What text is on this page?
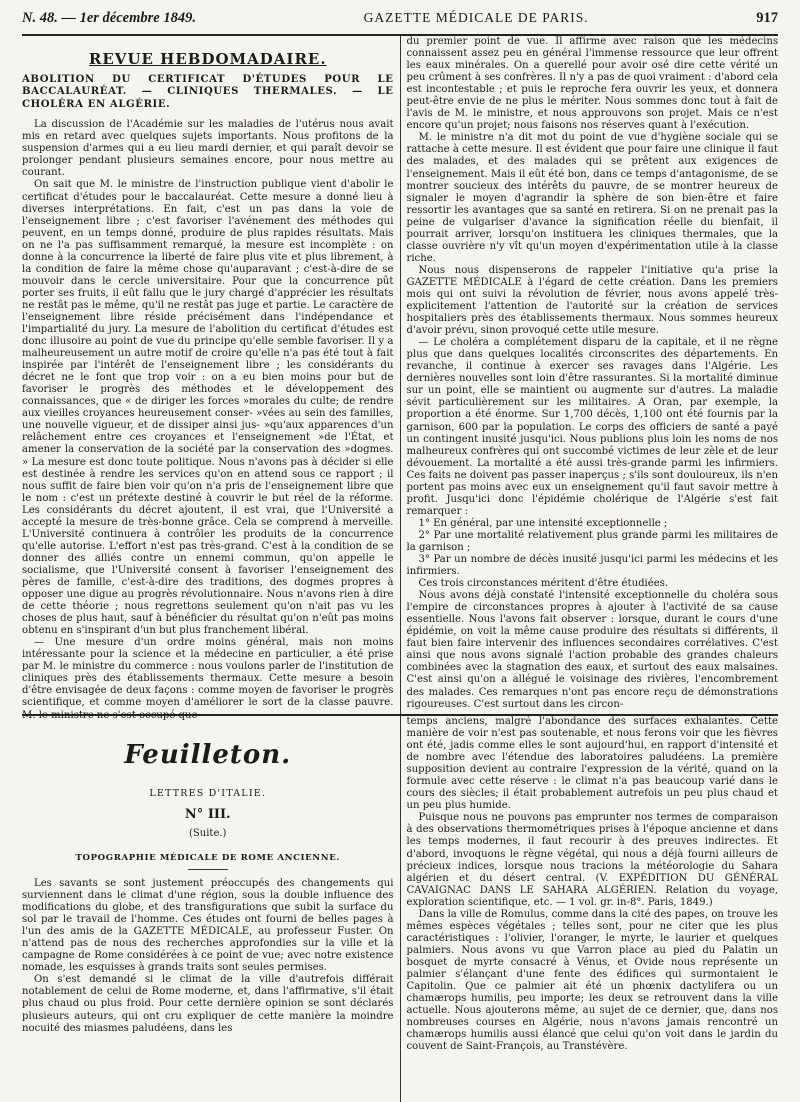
N. 48. — 1er décembre 1849.	GAZETTE MÉDICALE DE PARIS.	917
REVUE HEBDOMADAIRE.
ABOLITION DU CERTIFICAT D'ÉTUDES POUR LE BACCALAURÉAT. — CLINIQUES THERMALES. — LE CHOLÉRA EN ALGÉRIE.

La discussion de l'Académie sur les maladies de l'utérus nous avait mis en retard avec quelques sujets importants. Nous profitons de la suspension d'armes qui a eu lieu mardi dernier, et qui paraît devoir se prolonger pendant plusieurs semaines encore, pour nous mettre au courant.

On sait que M. le ministre de l'instruction publique vient d'abolir le certificat d'études pour le baccalauréat. Cette mesure a donné lieu à diverses interprétations. En fait, c'est un pas dans la voie de l'enseignement libre ; c'est favoriser l'avénement des méthodes qui peuvent, en un temps donné, produire de plus rapides résultats. Mais on ne l'a pas suffisamment remarqué, la mesure est incomplète : on donne à la concurrence la liberté de faire plus vite et plus librement, à la condition de faire la même chose qu'auparavant ; c'est-à-dire de se mouvoir dans le cercle universitaire. Pour que la concurrence pût porter ses fruits, il eût fallu que le jury chargé d'apprécier les résultats ne restât pas le même, qu'il ne restât pas juge et partie. Le caractère de l'enseignement libre réside précisément dans l'indépendance et l'impartialité du jury. La mesure de l'abolition du certificat d'études est donc illusoire au point de vue du principe qu'elle semble favoriser. Il y a malheureusement un autre motif de croire qu'elle n'a pas été tout à fait inspirée par l'intérêt de l'enseignement libre ; les considérants du décret ne le font que trop voir : on a eu bien moins pour but de favoriser le progrès des méthodes et le développement des connaissances, que « de diriger les forces »morales du culte; de rendre aux vieilles croyances heureusement conser- »vées au sein des familles, une nouvelle vigueur, et de dissiper ainsi jus- »qu'aux apparences d'un relâchement entre ces croyances et l'enseignement »de l'État, et amener la conservation de la société par la conservation des »dogmes. » La mesure est donc toute politique. Nous n'avons pas à décider si elle est destinée à rendre les services qu'on en attend sous ce rapport ; il nous suffit de faire bien voir qu'on n'a pris de l'enseignement libre que le nom : c'est un prétexte destiné à couvrir le but réel de la réforme. Les considérants du décret ajoutent, il est vrai, que l'Université a accepté la mesure de très-bonne grâce. Cela se comprend à merveille. L'Université continuera à contrôler les produits de la concurrence qu'elle autorise. L'effort n'est pas très-grand. C'est à la condition de se donner des alliés contre un ennemi commun, qu'on appelle le socialisme, que l'Université consent à favoriser l'enseignement des pères de famille, c'est-à-dire des traditions, des dogmes propres à opposer une digue au progrès révolutionnaire. Nous n'avons rien à dire de cette théorie ; nous regrettons seulement qu'on n'ait pas vu les choses de plus haut, sauf à bénéficier du résultat qu'on n'eût pas moins obtenu en s'inspirant d'un but plus franchement libéral.

— Une mesure d'un ordre moins général, mais non moins intéressante pour la science et la médecine en particulier, a été prise par M. le ministre du commerce : nous voulons parler de l'institution de cliniques près des établissements thermaux. Cette mesure a besoin d'être envisagée de deux façons : comme moyen de favoriser le progrès scientifique, et comme moyen d'améliorer le sort de la classe pauvre. M. le ministre ne s'est occupé que

du premier point de vue. Il affirme avec raison que les médecins connaissent assez peu en général l'immense ressource que leur offrent les eaux minérales. On a querellé pour avoir osé dire cette vérité un peu crûment à ses confrères. Il n'y a pas de quoi vraiment : d'abord cela est incontestable ; et puis le reproche fera ouvrir les yeux, et donnera peut-être envie de ne plus le mériter. Nous sommes donc tout à fait de l'avis de M. le ministre, et nous approuvons son projet. Mais ce n'est encore qu'un projet; nous faisons nos réserves quant à l'exécution.

M. le ministre n'a dit mot du point de vue d'hygiène sociale qui se rattache à cette mesure. Il est évident que pour faire une clinique il faut des malades, et des malades qui se prêtent aux exigences de l'enseignement. Mais il eût été bon, dans ce temps d'antagonisme, de se montrer soucieux des intérêts du pauvre, de se montrer heureux de signaler le moyen d'agrandir la sphère de son bien-être et faire ressortir les avantages que sa santé en retirera. Si on ne prenait pas la peine de vulgariser d'avance la signification réelle du bienfait, il pourrait arriver, lorsqu'on instituera les cliniques thermales, que la classe ouvrière n'y vît qu'un moyen d'expérimentation utile à la classe riche.

Nous nous dispenserons de rappeler l'initiative qu'a prise la GAZETTE MÉDICALE à l'égard de cette création. Dans les premiers mois qui ont suivi la révolution de février, nous avons appelé très-explicitement l'attention de l'autorité sur la création de services hospitaliers près des établissements thermaux. Nous sommes heureux d'avoir prévu, sinon provoqué cette utile mesure.

— Le choléra a complétement disparu de la capitale, et il ne règne plus que dans quelques localités circonscrites des départements. En revanche, il continue à exercer ses ravages dans l'Algérie. Les dernières nouvelles sont loin d'être rassurantes. Si la mortalité diminue sur un point, elle se maintient ou augmente sur d'autres. La maladie sévit particulièrement sur les militaires. A Oran, par exemple, la proportion a été énorme. Sur 1,700 décès, 1,100 ont été fournis par la garnison, 600 par la population. Le corps des officiers de santé a payé un contingent inusité jusqu'ici. Nous publions plus loin les noms de nos malheureux confrères qui ont succombé victimes de leur zèle et de leur dévouement. La mortalité a été aussi très-grande parmi les infirmiers. Ces faits ne doivent pas passer inaperçus ; s'ils sont douloureux, ils n'en portent pas moins avec eux un enseignement qu'il faut savoir mettre à profit. Jusqu'ici donc l'épidémie cholérique de l'Algérie s'est fait remarquer :

1° En général, par une intensité exceptionnelle ;

2° Par une mortalité relativement plus grande parmi les militaires de la garnison ;

3° Par un nombre de décès inusité jusqu'ici parmi les médecins et les infirmiers.

Ces trois circonstances méritent d'être étudiées.

Nous avons déjà constaté l'intensité exceptionnelle du choléra sous l'empire de circonstances propres à ajouter à l'activité de sa cause essentielle. Nous l'avons fait observer : lorsque, durant le cours d'une épidémie, on voit la même cause produire des résultats si différents, il faut bien faire intervenir des influences secondaires corrélatives. C'est ainsi que nous avons signalé l'action probable des grandes chaleurs combinées avec la stagnation des eaux, et surtout des eaux malsaines. C'est ainsi qu'on a allégué le voisinage des rivières, l'encombrement des malades. Ces remarques n'ont pas encore reçu de démonstrations rigoureuses. C'est surtout dans les circon-

Feuilleton.
LETTRES D'ITALIE.
N° III.
(Suite.)
TOPOGRAPHIE MÉDICALE DE ROME ANCIENNE.

Les savants se sont justement préoccupés des changements qui surviennent dans le climat d'une région, sous la double influence des modifications du globe, et des transfigurations que subit la surface du sol par le travail de l'homme. Ces études ont fourni de belles pages à l'un des amis de la GAZETTE MÉDICALE, au professeur Fuster. On n'attend pas de nous des recherches approfondies sur la ville et la campagne de Rome considérées à ce point de vue; avec notre existence nomade, les esquisses à grands traits sont seules permises.

On s'est demandé si le climat de la ville d'autrefois différait notablement de celui de Rome moderne, et, dans l'affirmative, s'il était plus chaud ou plus froid. Pour cette dernière opinion se sont déclarés plusieurs auteurs, qui ont cru expliquer de cette manière la moindre nocuité des miasmes paludéens, dans les

temps anciens, malgré l'abondance des surfaces exhalantes. Cette manière de voir n'est pas soutenable, et nous ferons voir que les fièvres ont été, jadis comme elles le sont aujourd'hui, en rapport d'intensité et de nombre avec l'étendue des laboratoires paludéens. La première supposition devient au contraire l'expression de la vérité, quand on la formule avec cette réserve : le climat n'a pas beaucoup varié dans le cours des siècles; il était probablement autrefois un peu plus chaud et un peu plus humide.

Puisque nous ne pouvons pas emprunter nos termes de comparaison à des observations thermométriques prises à l'époque ancienne et dans les temps modernes, il faut recourir à des preuves indirectes. Et d'abord, invoquons le règne végétal, qui nous a déjà fourni ailleurs de précieux indices, lorsque nous tracions la météorologie du Sahara algérien et du désert central. (V. EXPÉDITION DU GÉNÉRAL CAVAIGNAC DANS LE SAHARA ALGÉRIEN. Relation du voyage, exploration scientifique, etc. — 1 vol. gr. in-8°. Paris, 1849.)

Dans la ville de Romulus, comme dans la cité des papes, on trouve les mêmes espèces végétales ; telles sont, pour ne citer que les plus caractéristiques : l'olivier, l'oranger, le myrte, le laurier et quelques palmiers. Nous avons vu que Varron place au pied du Palatin un bosquet de myrte consacré à Vénus, et Ovide nous représente un palmier s'élançant d'une fente des édifices qui surmontaient le Capitolin. Que ce palmier ait été un phœnix dactylifera ou un chamærops humilis, peu importe; les deux se retrouvent dans la ville actuelle. Nous ajouterons même, au sujet de ce dernier, que, dans nos nombreuses courses en Algérie, nous n'avons jamais rencontré un chamærops humilis aussi élancé que celui qu'on voit dans le jardin du couvent de Saint-François, au Transtévère.
